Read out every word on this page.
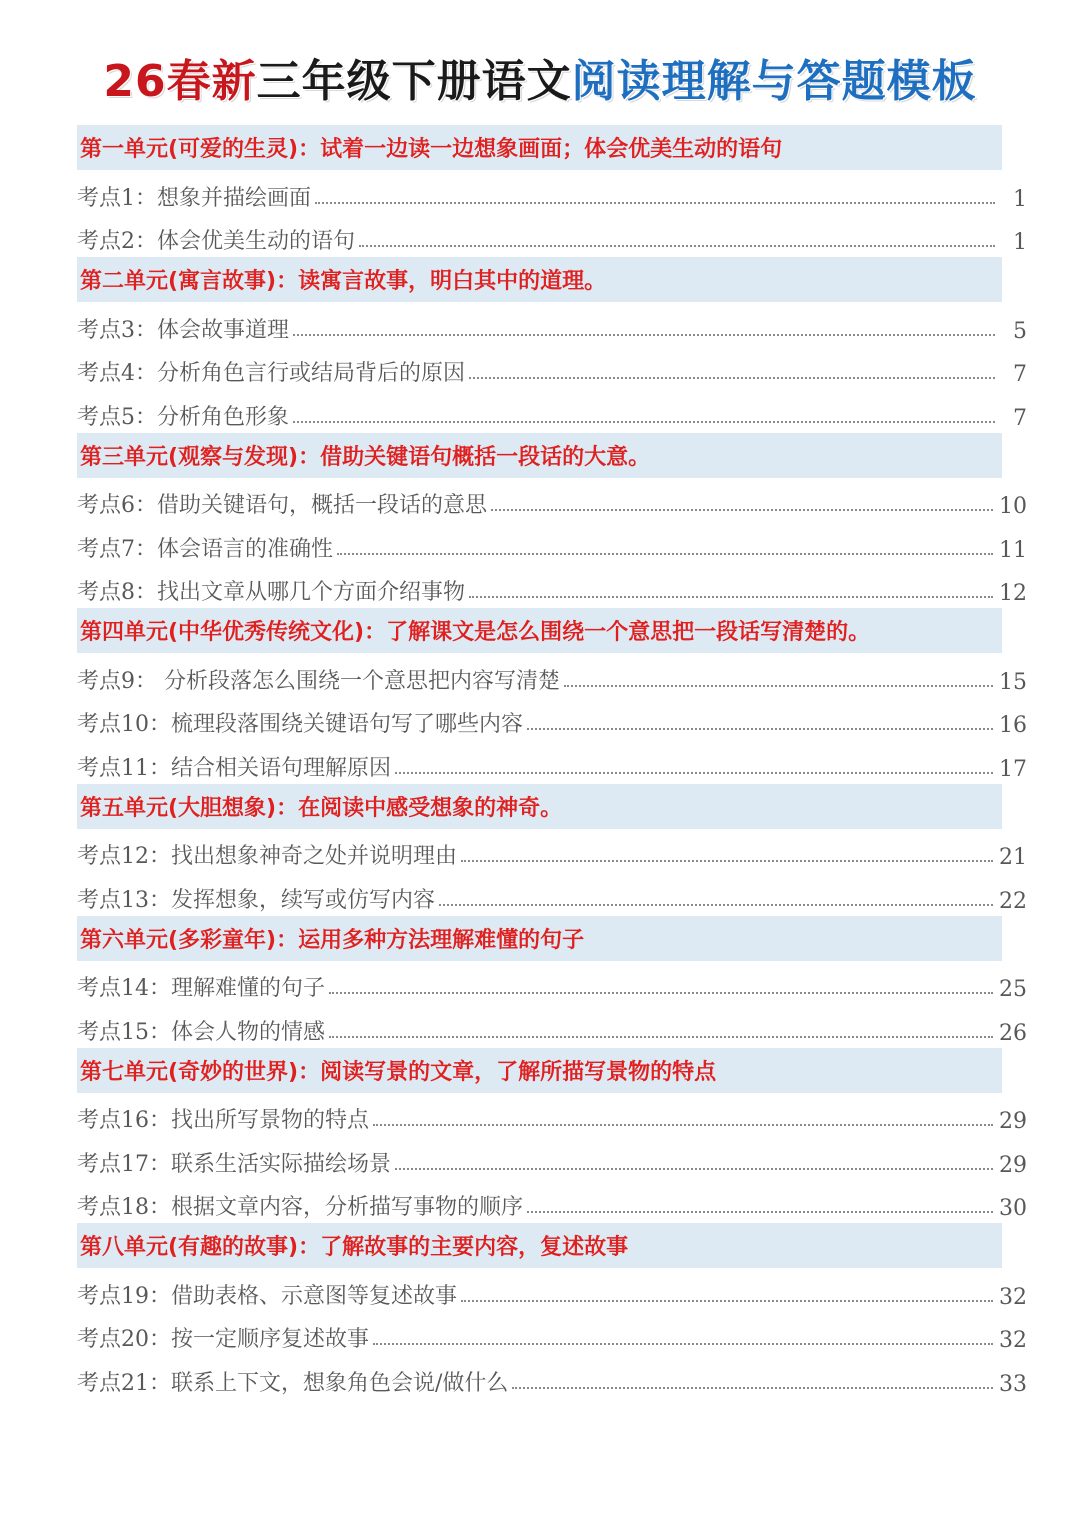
26春新三年级下册语文阅读理解与答题模板
第一单元(可爱的生灵)：试着一边读一边想象画面；体会优美生动的语句
考点1：想象并描绘画面	1
考点2：体会优美生动的语句	1
第二单元(寓言故事)：读寓言故事，明白其中的道理。
考点3：体会故事道理	5
考点4：分析角色言行或结局背后的原因	7
考点5：分析角色形象	7
第三单元(观察与发现)：借助关键语句概括一段话的大意。
考点6：借助关键语句，概括一段话的意思	10
考点7：体会语言的准确性	11
考点8：找出文章从哪几个方面介绍事物	12
第四单元(中华优秀传统文化)：了解课文是怎么围绕一个意思把一段话写清楚的。
考点9： 分析段落怎么围绕一个意思把内容写清楚	15
考点10：梳理段落围绕关键语句写了哪些内容	16
考点11：结合相关语句理解原因	17
第五单元(大胆想象)：在阅读中感受想象的神奇。
考点12：找出想象神奇之处并说明理由	21
考点13：发挥想象，续写或仿写内容	22
第六单元(多彩童年)：运用多种方法理解难懂的句子
考点14：理解难懂的句子	25
考点15：体会人物的情感	26
第七单元(奇妙的世界)：阅读写景的文章，了解所描写景物的特点
考点16：找出所写景物的特点	29
考点17：联系生活实际描绘场景	29
考点18：根据文章内容，分析描写事物的顺序	30
第八单元(有趣的故事)：了解故事的主要内容，复述故事
考点19：借助表格、示意图等复述故事	32
考点20：按一定顺序复述故事	32
考点21：联系上下文，想象角色会说/做什么	33
